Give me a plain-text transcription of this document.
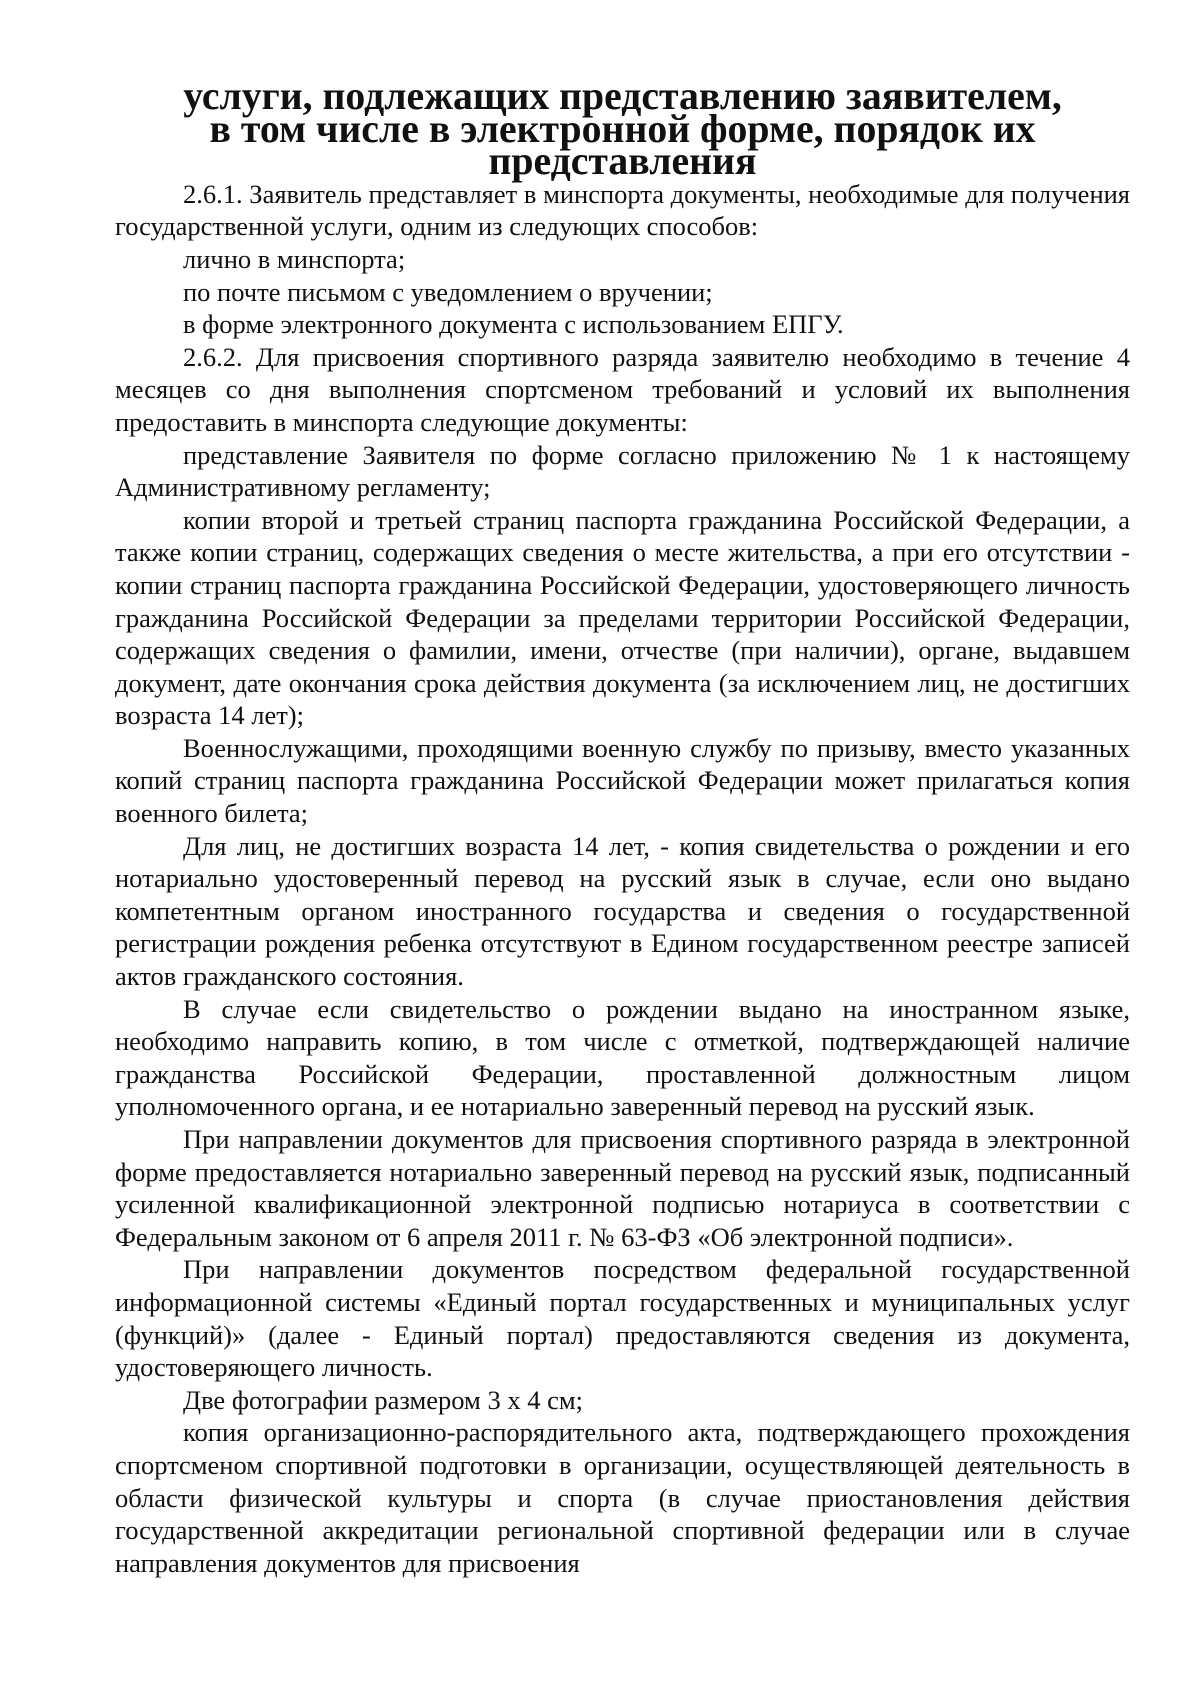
услуги, подлежащих представлению заявителем,
в том числе в электронной форме, порядок их представления

2.6.1. Заявитель представляет в минспорта документы, необходимые для получения государственной услуги, одним из следующих способов:

лично в минспорта;

по почте письмом с уведомлением о вручении;

в форме электронного документа с использованием ЕПГУ.

2.6.2. Для присвоения спортивного разряда заявителю необходимо в течение 4 месяцев со дня выполнения спортсменом требований и условий их выполнения предоставить в минспорта следующие документы:

представление Заявителя по форме согласно приложению № 1 к настоящему Административному регламенту;

копии второй и третьей страниц паспорта гражданина Российской Федерации, а также копии страниц, содержащих сведения о месте жительства, а при его отсутствии - копии страниц паспорта гражданина Российской Федерации, удостоверяющего личность гражданина Российской Федерации за пределами территории Российской Федерации, содержащих сведения о фамилии, имени, отчестве (при наличии), органе, выдавшем документ, дате окончания срока действия документа (за исключением лиц, не достигших возраста 14 лет);

Военнослужащими, проходящими военную службу по призыву, вместо указанных копий страниц паспорта гражданина Российской Федерации может прилагаться копия военного билета;

Для лиц, не достигших возраста 14 лет, - копия свидетельства о рождении и его нотариально удостоверенный перевод на русский язык в случае, если оно выдано компетентным органом иностранного государства и сведения о государственной регистрации рождения ребенка отсутствуют в Едином государственном реестре записей актов гражданского состояния.

В случае если свидетельство о рождении выдано на иностранном языке, необходимо направить копию, в том числе с отметкой, подтверждающей наличие гражданства Российской Федерации, проставленной должностным лицом уполномоченного органа, и ее нотариально заверенный перевод на русский язык.

При направлении документов для присвоения спортивного разряда в электронной форме предоставляется нотариально заверенный перевод на русский язык, подписанный усиленной квалификационной электронной подписью нотариуса в соответствии с Федеральным законом от 6 апреля 2011 г. № 63-ФЗ «Об электронной подписи».

При направлении документов посредством федеральной государственной информационной системы «Единый портал государственных и муниципальных услуг (функций)» (далее - Единый портал) предоставляются сведения из документа, удостоверяющего личность.

Две фотографии размером 3 х 4 см;

копия организационно-распорядительного акта, подтверждающего прохождения спортсменом спортивной подготовки в организации, осуществляющей деятельность в области физической культуры и спорта (в случае приостановления действия государственной аккредитации региональной спортивной федерации или в случае направления документов для присвоения
